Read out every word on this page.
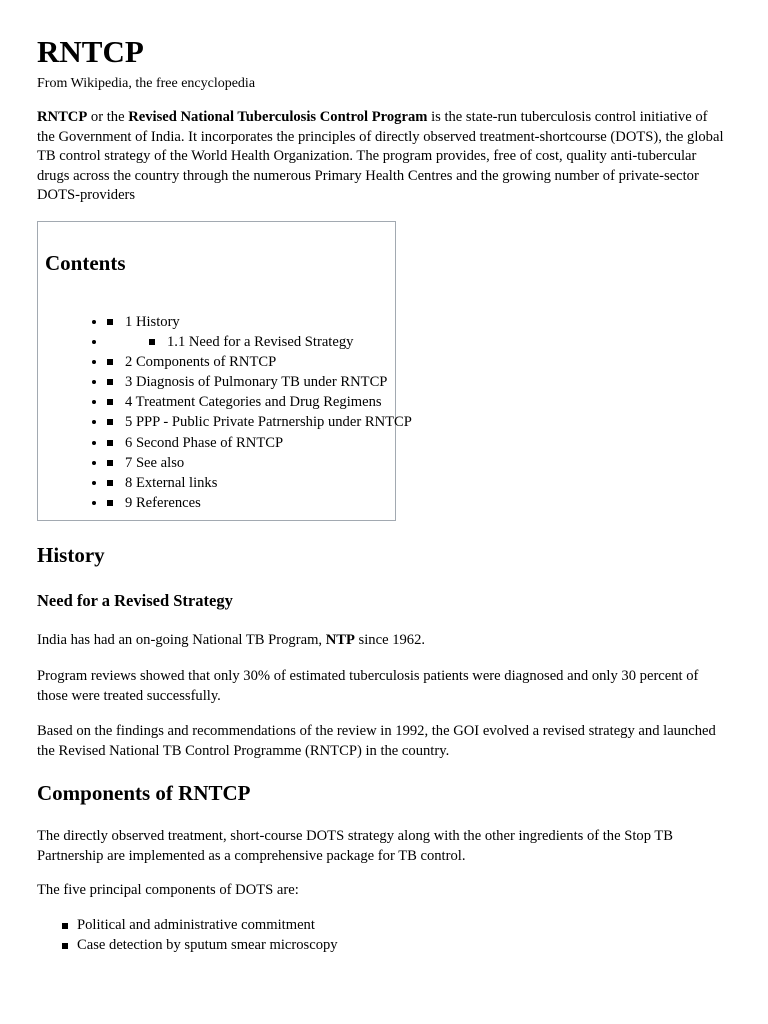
RNTCP
From Wikipedia, the free encyclopedia

RNTCP or the Revised National Tuberculosis Control Program is the state-run tuberculosis control initiative of the Government of India. It incorporates the principles of directly observed treatment-shortcourse (DOTS), the global TB control strategy of the World Health Organization. The program provides, free of cost, quality anti-tubercular drugs across the country through the numerous Primary Health Centres and the growing number of private-sector DOTS-providers

Contents
• 1 History
• 1.1 Need for a Revised Strategy
• 2 Components of RNTCP
• 3 Diagnosis of Pulmonary TB under RNTCP
• 4 Treatment Categories and Drug Regimens
• 5 PPP - Public Private Patrnership under RNTCP
• 6 Second Phase of RNTCP
• 7 See also
• 8 External links
• 9 References
History
Need for a Revised Strategy

India has had an on-going National TB Program, NTP since 1962.

Program reviews showed that only 30% of estimated tuberculosis patients were diagnosed and only 30 percent of those were treated successfully.

Based on the findings and recommendations of the review in 1992, the GOI evolved a revised strategy and launched the Revised National TB Control Programme (RNTCP) in the country.

Components of RNTCP

The directly observed treatment, short-course DOTS strategy along with the other ingredients of the Stop TB Partnership are implemented as a comprehensive package for TB control.

The five principal components of DOTS are:

Political and administrative commitment
Case detection by sputum smear microscopy
